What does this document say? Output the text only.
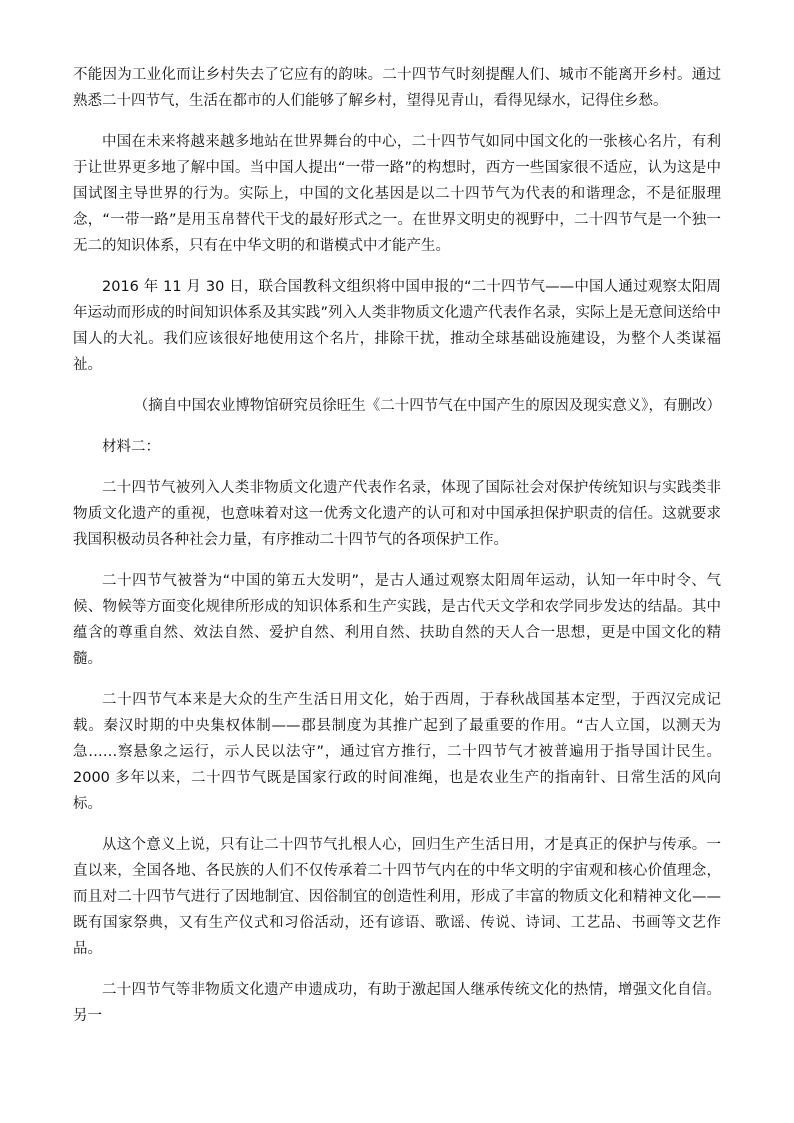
不能因为工业化而让乡村失去了它应有的韵味。二十四节气时刻提醒人们、城市不能离开乡村。通过熟悉二十四节气，生活在都市的人们能够了解乡村，望得见青山，看得见绿水，记得住乡愁。

中国在未来将越来越多地站在世界舞台的中心，二十四节气如同中国文化的一张核心名片，有利于让世界更多地了解中国。当中国人提出“一带一路”的构想时，西方一些国家很不适应，认为这是中国试图主导世界的行为。实际上，中国的文化基因是以二十四节气为代表的和谐理念，不是征服理念，“一带一路”是用玉帛替代干戈的最好形式之一。在世界文明史的视野中，二十四节气是一个独一无二的知识体系，只有在中华文明的和谐模式中才能产生。

2016 年 11 月 30 日，联合国教科文组织将中国申报的“二十四节气——中国人通过观察太阳周年运动而形成的时间知识体系及其实践”列入人类非物质文化遗产代表作名录，实际上是无意间送给中国人的大礼。我们应该很好地使用这个名片，排除干扰，推动全球基础设施建设，为整个人类谋福祉。

（摘自中国农业博物馆研究员徐旺生《二十四节气在中国产生的原因及现实意义》，有删改）

材料二：

二十四节气被列入人类非物质文化遗产代表作名录，体现了国际社会对保护传统知识与实践类非物质文化遗产的重视，也意味着对这一优秀文化遗产的认可和对中国承担保护职责的信任。这就要求我国积极动员各种社会力量，有序推动二十四节气的各项保护工作。

二十四节气被誉为“中国的第五大发明”，是古人通过观察太阳周年运动，认知一年中时令、气候、物候等方面变化规律所形成的知识体系和生产实践，是古代天文学和农学同步发达的结晶。其中蕴含的尊重自然、效法自然、爱护自然、利用自然、扶助自然的天人合一思想，更是中国文化的精髓。

二十四节气本来是大众的生产生活日用文化，始于西周，于春秋战国基本定型，于西汉完成记载。秦汉时期的中央集权体制——郡县制度为其推广起到了最重要的作用。“古人立国，以测天为急……察悬象之运行，示人民以法守”，通过官方推行，二十四节气才被普遍用于指导国计民生。2000 多年以来，二十四节气既是国家行政的时间准绳，也是农业生产的指南针、日常生活的风向标。

从这个意义上说，只有让二十四节气扎根人心，回归生产生活日用，才是真正的保护与传承。一直以来，全国各地、各民族的人们不仅传承着二十四节气内在的中华文明的宇宙观和核心价值理念，而且对二十四节气进行了因地制宜、因俗制宜的创造性利用，形成了丰富的物质文化和精神文化——既有国家祭典，又有生产仪式和习俗活动，还有谚语、歌谣、传说、诗词、工艺品、书画等文艺作品。

二十四节气等非物质文化遗产申遗成功，有助于激起国人继承传统文化的热情，增强文化自信。另一
